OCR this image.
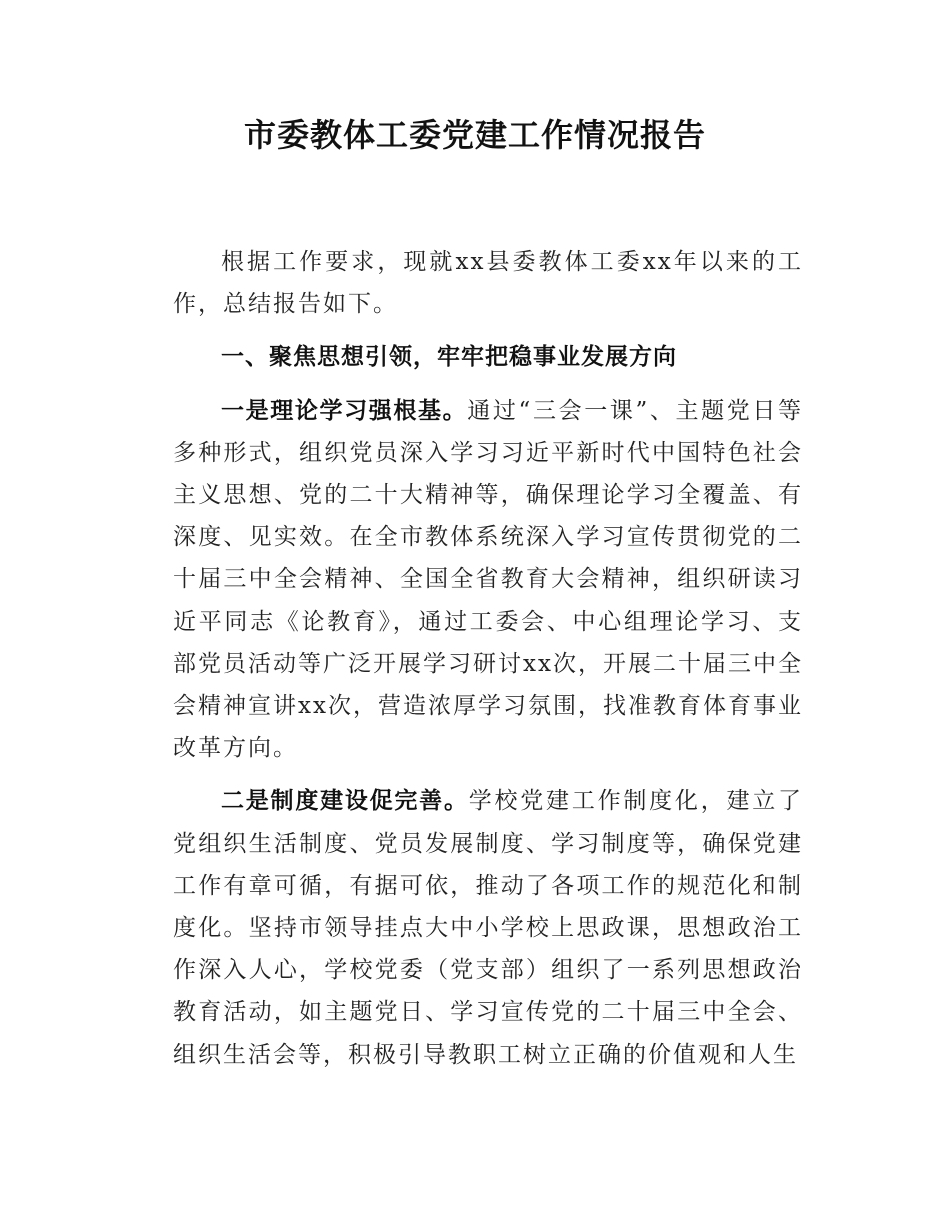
市委教体工委党建工作情况报告

根据工作要求，现就xx县委教体工委xx年以来的工作，总结报告如下。

一、聚焦思想引领，牢牢把稳事业发展方向

一是理论学习强根基。通过“三会一课”、主题党日等多种形式，组织党员深入学习习近平新时代中国特色社会主义思想、党的二十大精神等，确保理论学习全覆盖、有深度、见实效。在全市教体系统深入学习宣传贯彻党的二十届三中全会精神、全国全省教育大会精神，组织研读习近平同志《论教育》，通过工委会、中心组理论学习、支部党员活动等广泛开展学习研讨xx次，开展二十届三中全会精神宣讲xx次，营造浓厚学习氛围，找准教育体育事业改革方向。

二是制度建设促完善。学校党建工作制度化，建立了党组织生活制度、党员发展制度、学习制度等，确保党建工作有章可循，有据可依，推动了各项工作的规范化和制度化。坚持市领导挂点大中小学校上思政课，思想政治工作深入人心，学校党委（党支部）组织了一系列思想政治教育活动，如主题党日、学习宣传党的二十届三中全会、组织生活会等，积极引导教职工树立正确的价值观和人生
